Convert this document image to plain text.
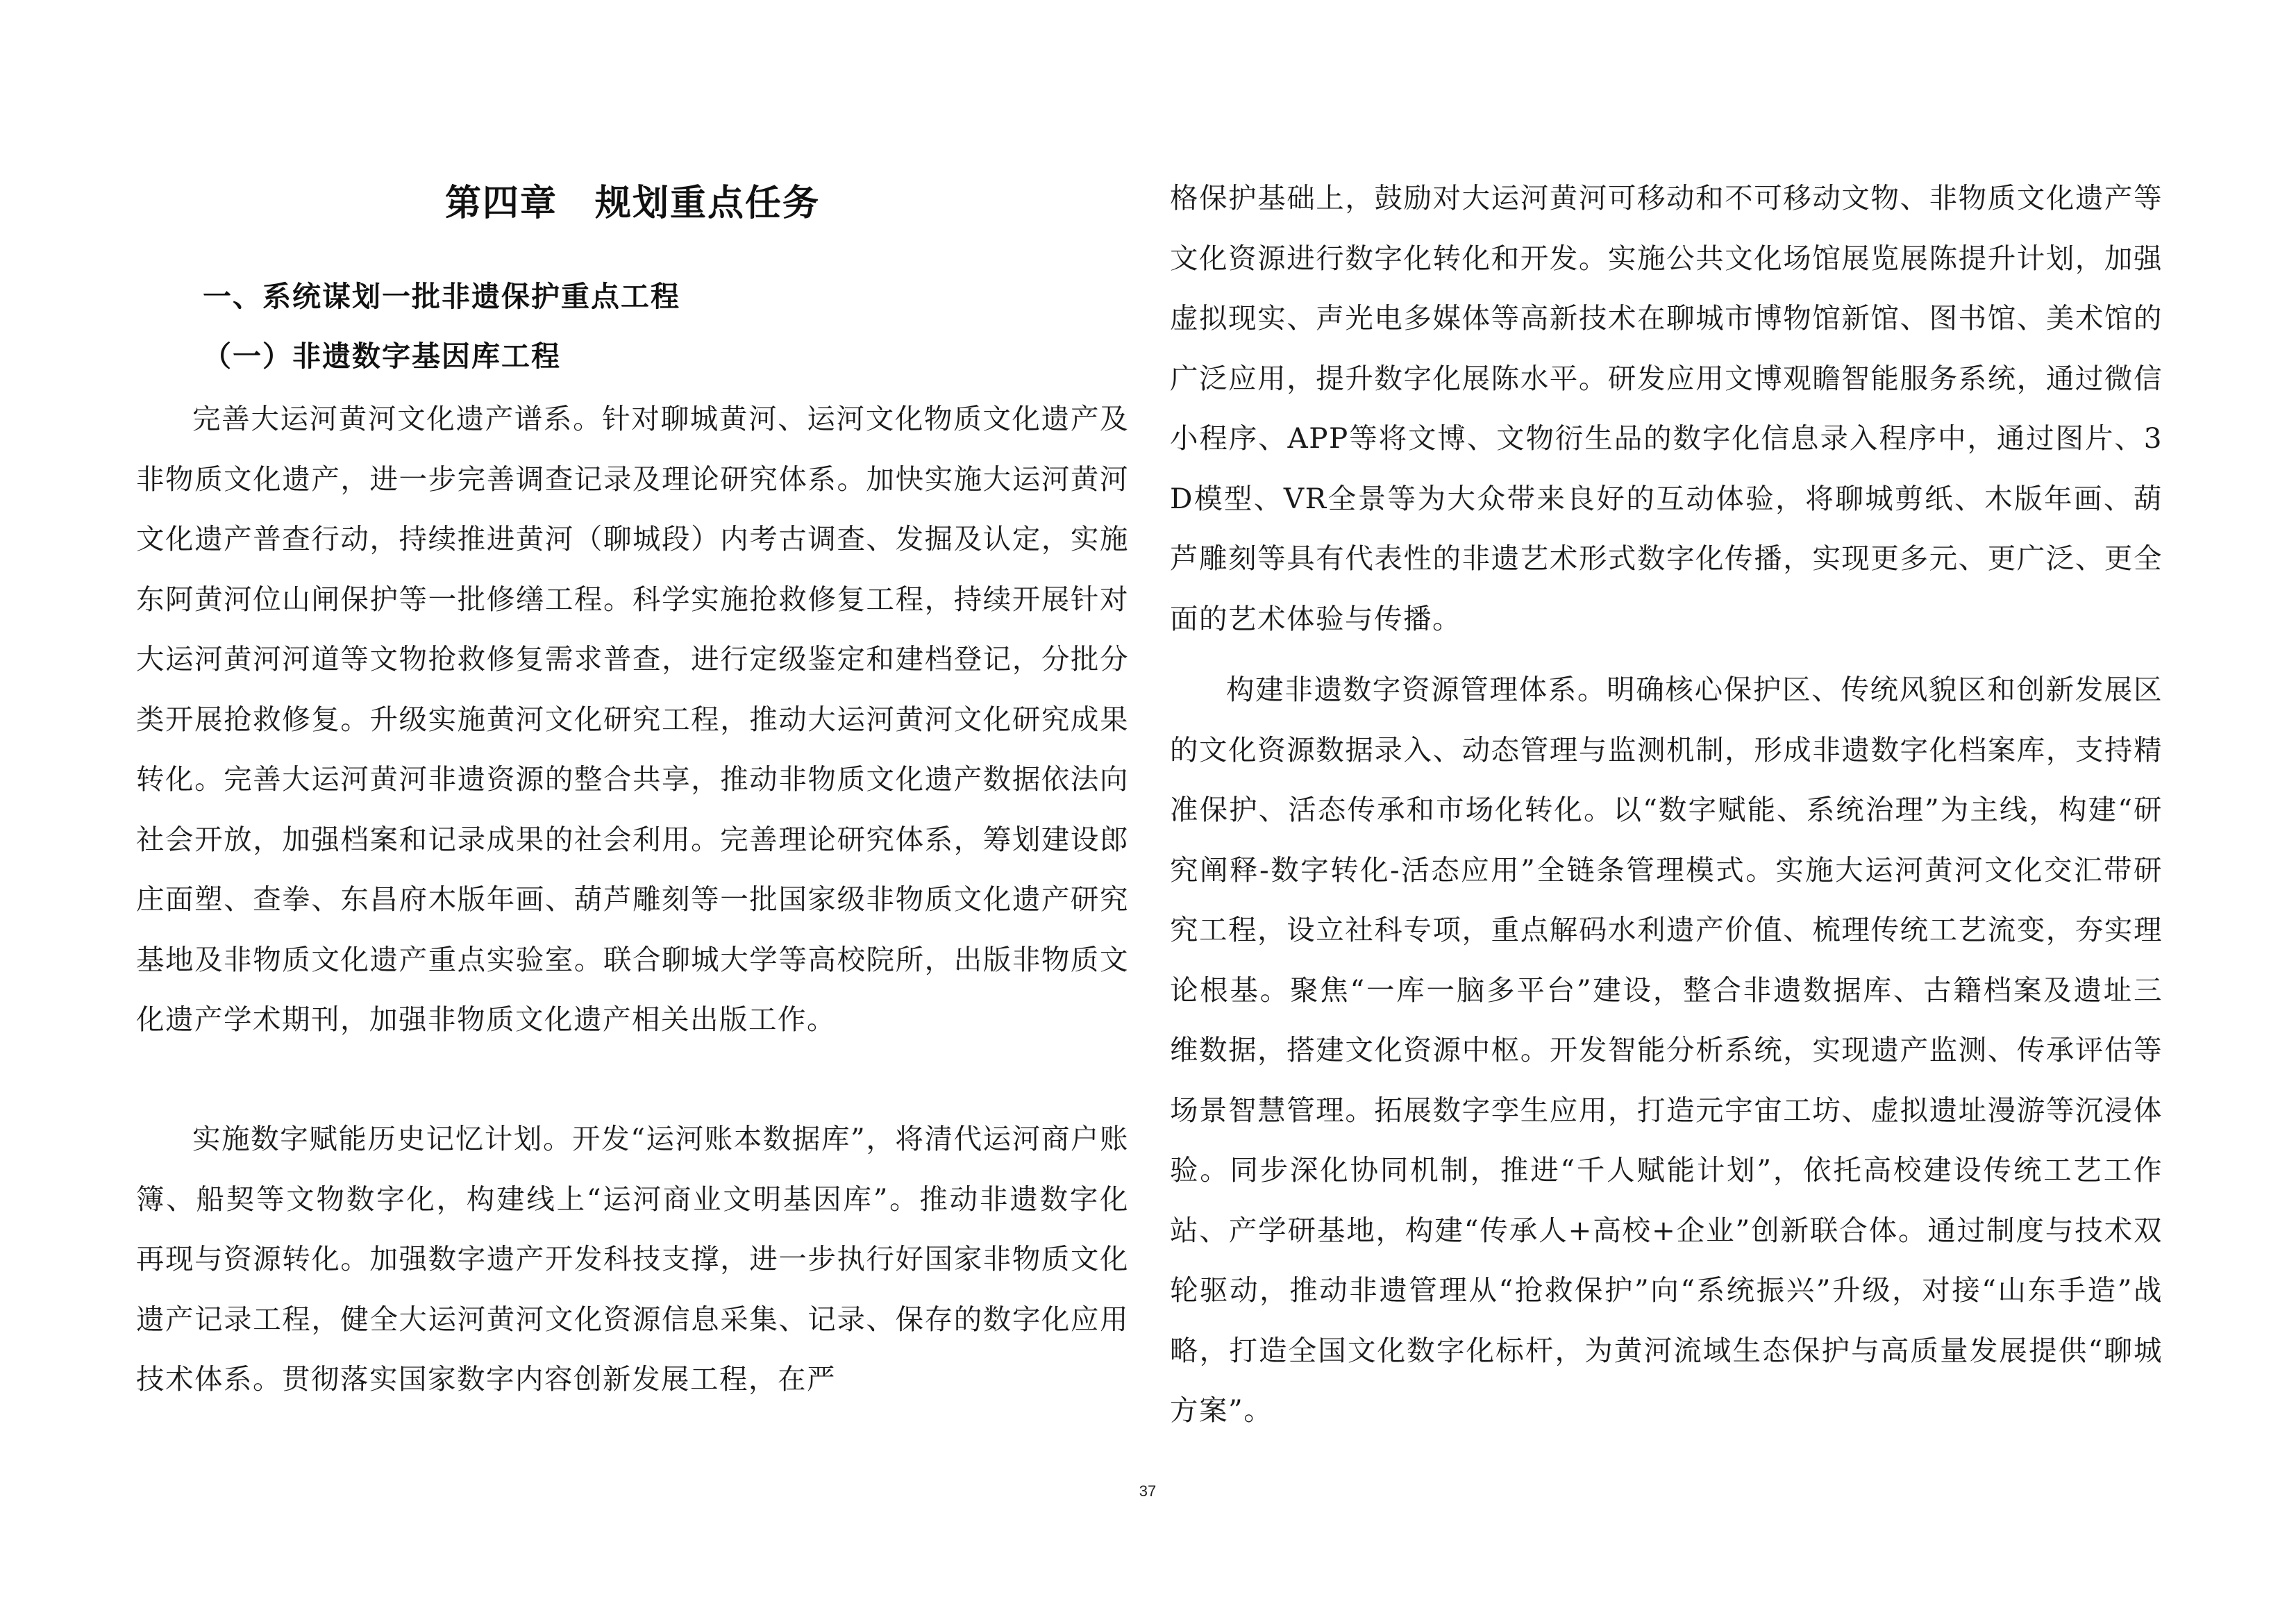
第四章　规划重点任务
一、系统谋划一批非遗保护重点工程
（一）非遗数字基因库工程

完善大运河黄河文化遗产谱系。针对聊城黄河、运河文化物质文化遗产及非物质文化遗产，进一步完善调查记录及理论研究体系。加快实施大运河黄河文化遗产普查行动，持续推进黄河（聊城段）内考古调查、发掘及认定，实施东阿黄河位山闸保护等一批修缮工程。科学实施抢救修复工程，持续开展针对大运河黄河河道等文物抢救修复需求普查，进行定级鉴定和建档登记，分批分类开展抢救修复。升级实施黄河文化研究工程，推动大运河黄河文化研究成果转化。完善大运河黄河非遗资源的整合共享，推动非物质文化遗产数据依法向社会开放，加强档案和记录成果的社会利用。完善理论研究体系，筹划建设郎庄面塑、查拳、东昌府木版年画、葫芦雕刻等一批国家级非物质文化遗产研究基地及非物质文化遗产重点实验室。联合聊城大学等高校院所，出版非物质文化遗产学术期刊，加强非物质文化遗产相关出版工作。

实施数字赋能历史记忆计划。开发“运河账本数据库”，将清代运河商户账簿、船契等文物数字化，构建线上“运河商业文明基因库”。推动非遗数字化再现与资源转化。加强数字遗产开发科技支撑，进一步执行好国家非物质文化遗产记录工程，健全大运河黄河文化资源信息采集、记录、保存的数字化应用技术体系。贯彻落实国家数字内容创新发展工程，在严

格保护基础上，鼓励对大运河黄河可移动和不可移动文物、非物质文化遗产等文化资源进行数字化转化和开发。实施公共文化场馆展览展陈提升计划，加强虚拟现实、声光电多媒体等高新技术在聊城市博物馆新馆、图书馆、美术馆的广泛应用，提升数字化展陈水平。研发应用文博观瞻智能服务系统，通过微信小程序、APP等将文博、文物衍生品的数字化信息录入程序中，通过图片、3D模型、VR全景等为大众带来良好的互动体验，将聊城剪纸、木版年画、葫芦雕刻等具有代表性的非遗艺术形式数字化传播，实现更多元、更广泛、更全面的艺术体验与传播。

构建非遗数字资源管理体系。明确核心保护区、传统风貌区和创新发展区的文化资源数据录入、动态管理与监测机制，形成非遗数字化档案库，支持精准保护、活态传承和市场化转化。以“数字赋能、系统治理”为主线，构建“研究阐释-数字转化-活态应用”全链条管理模式。实施大运河黄河文化交汇带研究工程，设立社科专项，重点解码水利遗产价值、梳理传统工艺流变，夯实理论根基。聚焦“一库一脑多平台”建设，整合非遗数据库、古籍档案及遗址三维数据，搭建文化资源中枢。开发智能分析系统，实现遗产监测、传承评估等场景智慧管理。拓展数字孪生应用，打造元宇宙工坊、虚拟遗址漫游等沉浸体验。同步深化协同机制，推进“千人赋能计划”，依托高校建设传统工艺工作站、产学研基地，构建“传承人+高校+企业”创新联合体。通过制度与技术双轮驱动，推动非遗管理从“抢救保护”向“系统振兴”升级，对接“山东手造”战略，打造全国文化数字化标杆，为黄河流域生态保护与高质量发展提供“聊城方案”。

37
